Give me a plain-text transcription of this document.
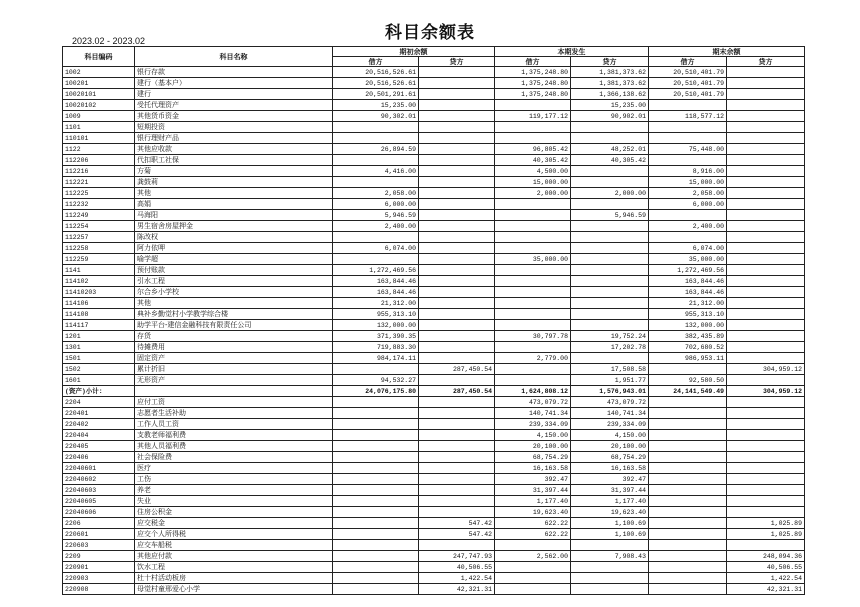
科目余额表
2023.02 - 2023.02
科目编码	科目名称	期初余额		本期发生		期末余额	
		借方	贷方	借方	贷方	借方	贷方
1002	银行存款	20,516,526.61		1,375,248.80	1,381,373.62	20,510,401.79	
100201	建行（基本户）	20,516,526.61		1,375,248.80	1,381,373.62	20,510,401.79	
10020101	建行	20,501,291.61		1,375,248.80	1,366,138.62	20,510,401.79	
10020102	受托代理资产	15,235.00			15,235.00		
1009	其他货币资金	90,302.01		119,177.12	90,902.01	118,577.12	
1101	短期投资						
110101	银行理财产品						
1122	其他应收款	26,894.59		96,805.42	48,252.01	75,448.00	
112206	代扣职工社保			40,305.42	40,305.42		
112216	方菊	4,416.00		4,500.00		8,916.00	
112221	龚鼓莉			15,000.00		15,000.00	
112225	其他	2,058.00		2,000.00	2,000.00	2,058.00	
112232	高娟	6,000.00				6,000.00	
112249	马海阳	5,946.59			5,946.59		
112254	男生宿舍房屋押金	2,400.00				2,400.00	
112257	陈改权						
112258	阿力依呷	6,074.00				6,074.00	
112259	喻学超			35,000.00		35,000.00	
1141	预付账款	1,272,469.56				1,272,469.56	
114102	引水工程	163,844.46				163,844.46	
11410203	尔合乡小学校	163,844.46				163,844.46	
114106	其他	21,312.00				21,312.00	
114108	典补乡勤觉村小学教学综合楼	955,313.10				955,313.10	
114117	助学平台-建信金融科技有限责任公司	132,000.00				132,000.00	
1201	存货	371,390.35		30,797.78	19,752.24	382,435.89	
1301	待摊费用	719,883.30			17,202.78	702,680.52	
1501	固定资产	984,174.11		2,779.00		986,953.11	
1502	累计折旧		287,450.54		17,508.58		304,959.12
1601	无形资产	94,532.27			1,951.77	92,580.50	
(资产)小计:		24,076,175.80	287,450.54	1,624,808.12	1,576,943.01	24,141,549.49	304,959.12
2204	应付工资			473,079.72	473,079.72		
220401	志愿者生活补助			140,741.34	140,741.34		
220402	工作人员工资			239,334.09	239,334.09		
220404	支教老师福利费			4,150.00	4,150.00		
220405	其他人员福利费			20,100.00	20,100.00		
220406	社会保险费			68,754.29	68,754.29		
22040601	医疗			16,163.58	16,163.58		
22040602	工伤			392.47	392.47		
22040603	养老			31,397.44	31,397.44		
22040605	失业			1,177.40	1,177.40		
22040606	住房公积金			19,623.40	19,623.40		
2206	应交税金		547.42	622.22	1,100.69		1,025.89
220601	应交个人所得税		547.42	622.22	1,100.69		1,025.89
220603	应交车船税						
2209	其他应付款		247,747.93	2,562.00	7,908.43		248,094.36
220901	饮水工程		40,506.55				40,506.55
220903	杜十村活动板房		1,422.54				1,422.54
220908	母觉村童邢爱心小学		42,321.31				42,321.31
